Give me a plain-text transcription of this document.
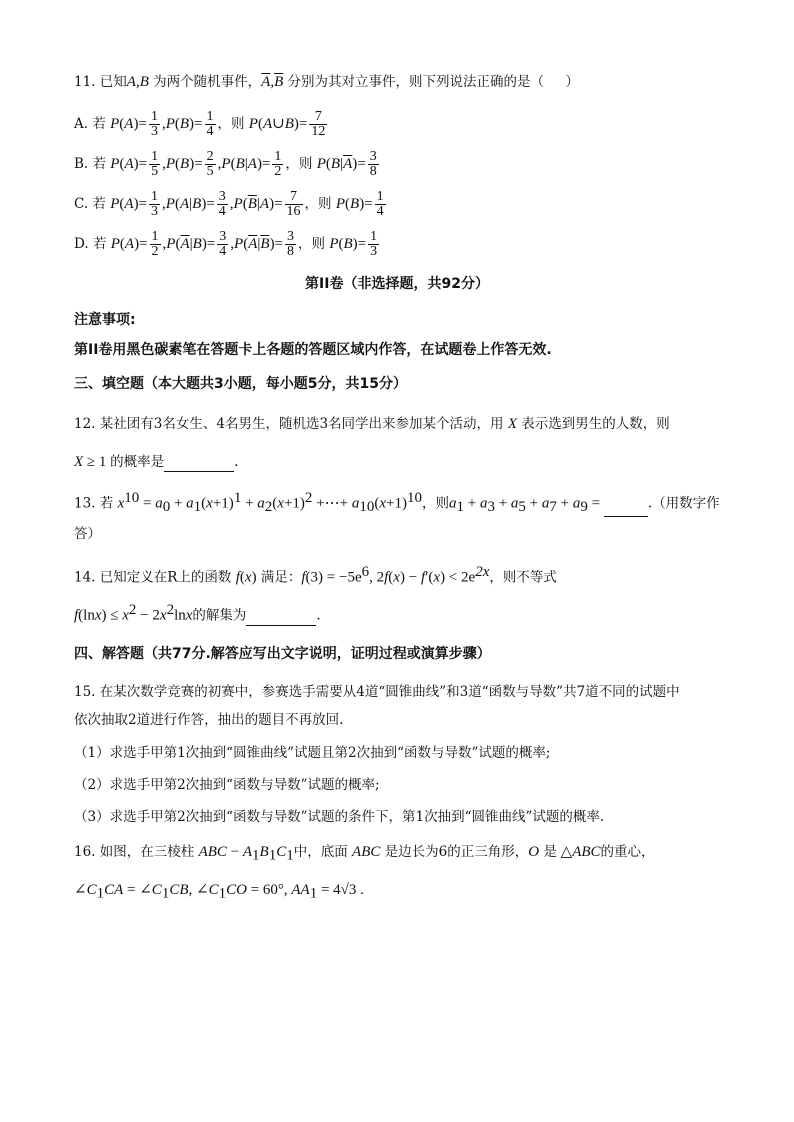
11. 已知A,B 为两个随机事件，$\overline{A},\overline{B}$ 分别为其对立事件，则下列说法正确的是（     ）
A. 若 $P(A)= \frac{1}{3} ,P(B)= \frac{1}{4}$ ，则 P(A∪B)= $\frac{7}{12}$
B. 若 $P(A)= \frac{1}{5} ,P(B)= \frac{2}{5} ,P(B|A)= \frac{1}{2}$ ，则 $P(B|\overline{A})= \frac{3}{8}$
C. 若 $P(A)= \frac{1}{3} ,P(A|B)= \frac{3}{4} ,P(\overline{B}|A)= \frac{7}{16}$ ，则 $P(B)= \frac{1}{4}$
D. 若 $P(A)= \frac{1}{2} ,P(\overline{A}|B)= \frac{3}{4} ,P(\overline{A}|\overline{B})= \frac{3}{8}$ ，则 $P(B)= \frac{1}{3}$
第II卷（非选择题，共92分）
注意事项:
第II卷用黑色碳素笔在答题卡上各题的答题区域内作答，在试题卷上作答无效.
三、填空题（本大题共3小题，每小题5分，共15分）
12. 某社团有3名女生、4名男生，随机选3名同学出来参加某个活动，用 X 表示选到男生的人数，则
X ≥ 1 的概率是	.
13. 若 $x^{10} = a_0 + a_1(x+1)^1 + a_2(x+1)^2$ +⋯+ $a_{10}(x+1)^{10}$，则$a_1 + a_3 + a_5 + a_7 + a_9$ =	.（用数字作
答）
14. 已知定义在R上的函数 f(x) 满足：$f(3) = -5e^6$, $2f(x) - f'(x) < 2e^{2x}$，则不等式
$f(\ln x) \le x^2 - 2x^2\ln x$的解集为	.
四、解答题（共77分.解答应写出文字说明，证明过程或演算步骤）
15. 在某次数学竞赛的初赛中，参赛选手需要从4道“圆锥曲线”和3道“函数与导数”共7道不同的试题中
依次抽取2道进行作答，抽出的题目不再放回.
（1）求选手甲第1次抽到“圆锥曲线”试题且第2次抽到“函数与导数”试题的概率;
（2）求选手甲第2次抽到“函数与导数”试题的概率;
（3）求选手甲第2次抽到“函数与导数”试题的条件下，第1次抽到“圆锥曲线”试题的概率.
16. 如图，在三棱柱 ABC − $A_1B_1C_1$中，底面 ABC 是边长为6的正三角形，O 是 △ABC的重心，
$\angle C_1CA$ = $\angle C_1CB$, $\angle C_1CO = 60^\circ$, $AA_1 = 4√3$ .
